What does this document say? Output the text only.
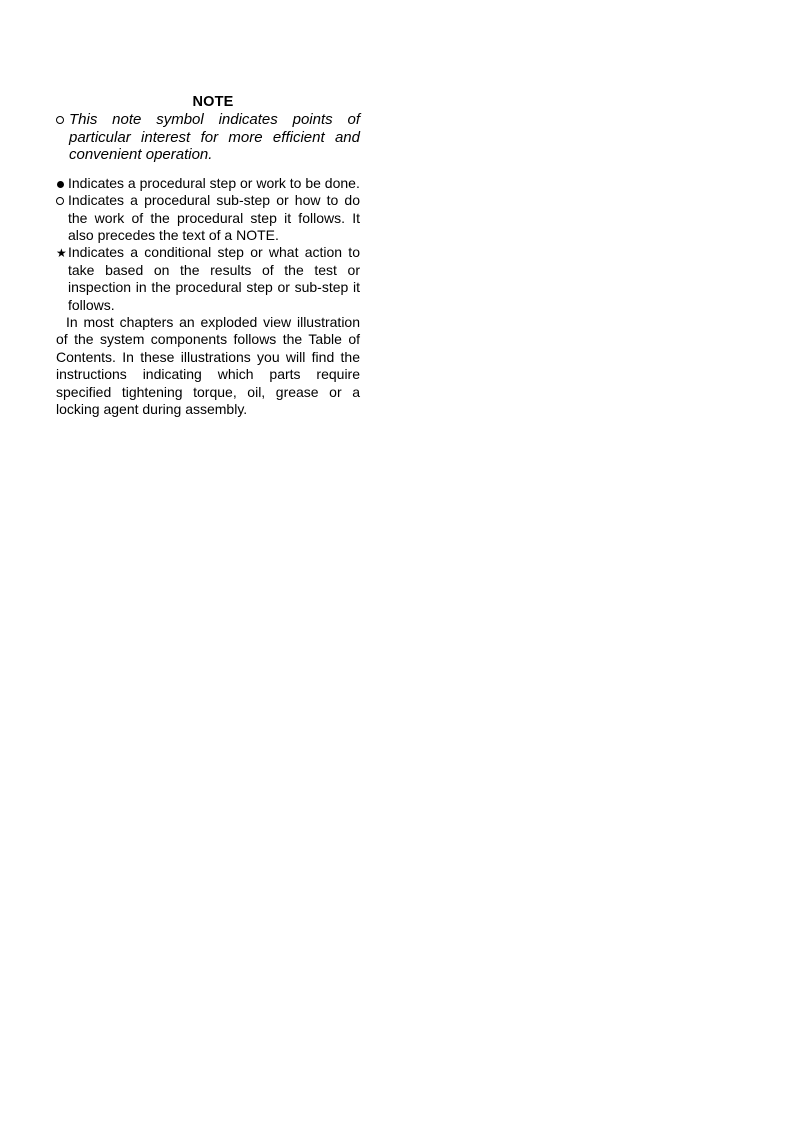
NOTE

This note symbol indicates points of particular interest for more efficient and convenient operation.

Indicates a procedural step or work to be done.

Indicates a procedural sub-step or how to do the work of the procedural step it follows. It also precedes the text of a NOTE.

★ Indicates a conditional step or what action to take based on the results of the test or inspection in the procedural step or sub-step it follows.

In most chapters an exploded view illustration of the system components follows the Table of Contents. In these illustrations you will find the instructions indicating which parts require specified tightening torque, oil, grease or a locking agent during assembly.
